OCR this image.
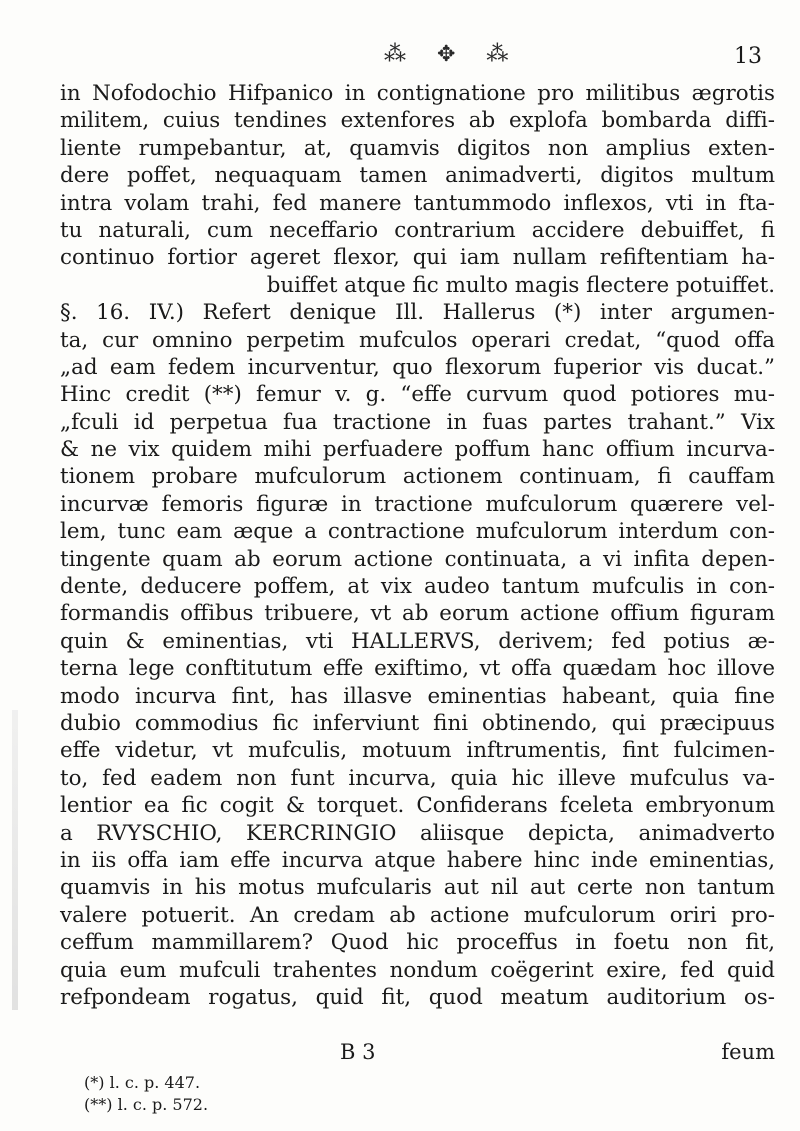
⁂ ✥ ⁂	13
in Nofodochio Hifpanico in contignatione pro militibus ægrotis
militem, cuius tendines extenfores ab explofa bombarda diffi-
liente rumpebantur, at, quamvis digitos non amplius exten-
dere poffet, nequaquam tamen animadverti, digitos multum
intra volam trahi, fed manere tantummodo inflexos, vti in fta-
tu naturali, cum neceffario contrarium accidere debuiffet, fi
continuo fortior ageret flexor, qui iam nullam refiftentiam ha-
buiffet atque fic multo magis flectere potuiffet.
§. 16. IV.) Refert denique Ill. Hallerus (*) inter argumen-
ta, cur omnino perpetim mufculos operari credat, “quod offa
„ad eam fedem incurventur, quo flexorum fuperior vis ducat.”
Hinc credit (**) femur v. g. “effe curvum quod potiores mu-
„fculi id perpetua fua tractione in fuas partes trahant.” Vix
& ne vix quidem mihi perfuadere poffum hanc offium incurva-
tionem probare mufculorum actionem continuam, fi cauffam
incurvæ femoris figuræ in tractione mufculorum quærere vel-
lem, tunc eam æque a contractione mufculorum interdum con-
tingente quam ab eorum actione continuata, a vi infita depen-
dente, deducere poffem, at vix audeo tantum mufculis in con-
formandis offibus tribuere, vt ab eorum actione offium figuram
quin & eminentias, vti HALLERVS, derivem; fed potius æ-
terna lege conftitutum effe exiftimo, vt offa quædam hoc illove
modo incurva fint, has illasve eminentias habeant, quia fine
dubio commodius fic inferviunt fini obtinendo, qui præcipuus
effe videtur, vt mufculis, motuum inftrumentis, fint fulcimen-
to, fed eadem non funt incurva, quia hic illeve mufculus va-
lentior ea fic cogit & torquet. Confiderans fceleta embryonum
a RVYSCHIO, KERCRINGIO aliisque depicta, animadverto
in iis offa iam effe incurva atque habere hinc inde eminentias,
quamvis in his motus mufcularis aut nil aut certe non tantum
valere potuerit. An credam ab actione mufculorum oriri pro-
ceffum mammillarem? Quod hic proceffus in foetu non fit,
quia eum mufculi trahentes nondum coëgerint exire, fed quid
refpondeam rogatus, quid fit, quod meatum auditorium os-
B 3	feum
(*) l. c. p. 447.
(**) l. c. p. 572.
